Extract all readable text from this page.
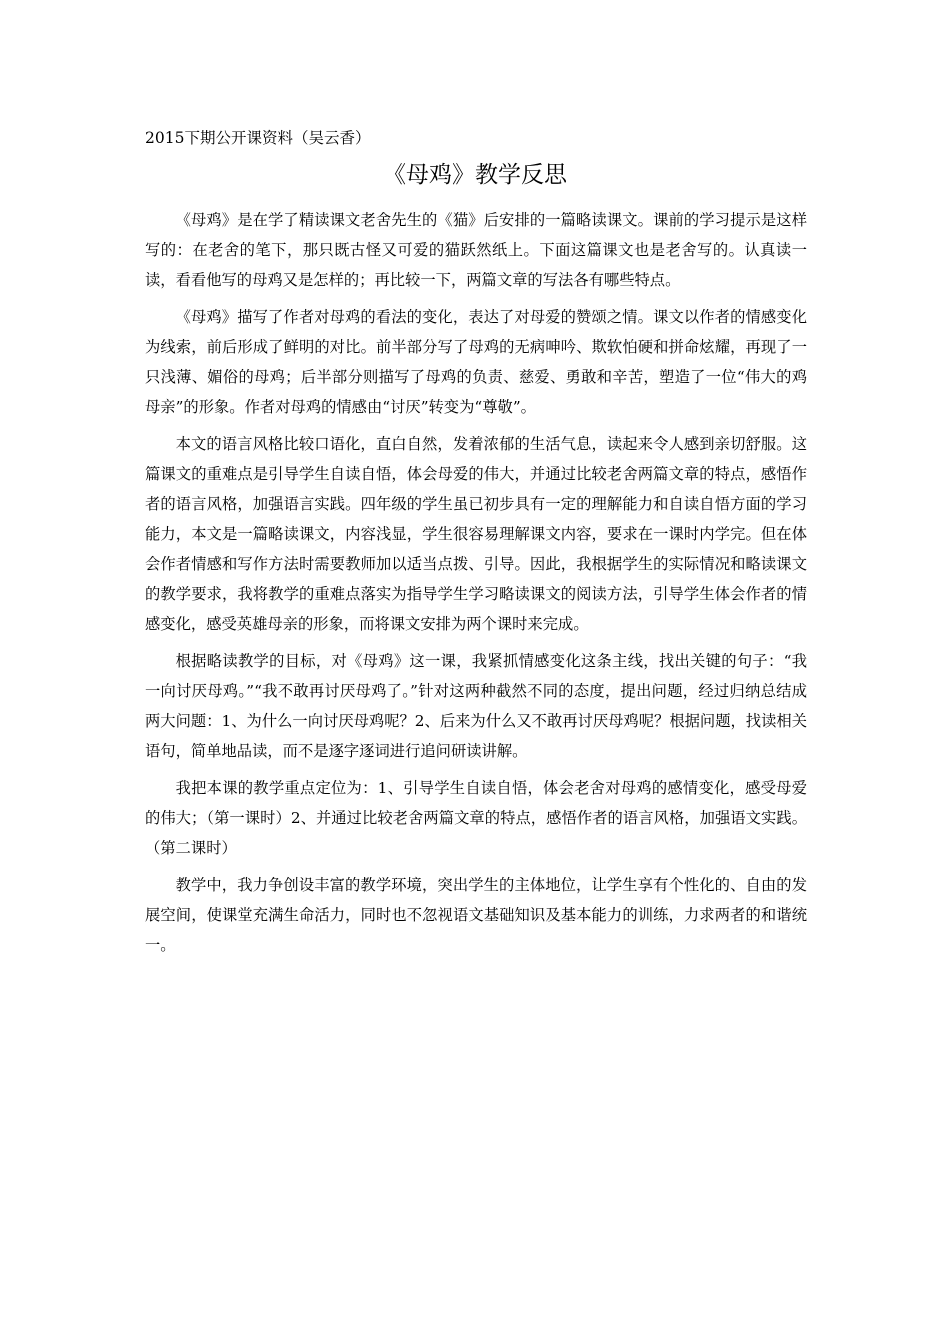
2015下期公开课资料（吴云香）
《母鸡》教学反思

《母鸡》是在学了精读课文老舍先生的《猫》后安排的一篇略读课文。课前的学习提示是这样写的：在老舍的笔下，那只既古怪又可爱的猫跃然纸上。下面这篇课文也是老舍写的。认真读一读，看看他写的母鸡又是怎样的；再比较一下，两篇文章的写法各有哪些特点。

《母鸡》描写了作者对母鸡的看法的变化，表达了对母爱的赞颂之情。课文以作者的情感变化为线索，前后形成了鲜明的对比。前半部分写了母鸡的无病呻吟、欺软怕硬和拼命炫耀，再现了一只浅薄、媚俗的母鸡；后半部分则描写了母鸡的负责、慈爱、勇敢和辛苦，塑造了一位“伟大的鸡母亲”的形象。作者对母鸡的情感由“讨厌”转变为“尊敬”。

本文的语言风格比较口语化，直白自然，发着浓郁的生活气息，读起来令人感到亲切舒服。这篇课文的重难点是引导学生自读自悟，体会母爱的伟大，并通过比较老舍两篇文章的特点，感悟作者的语言风格，加强语言实践。四年级的学生虽已初步具有一定的理解能力和自读自悟方面的学习能力，本文是一篇略读课文，内容浅显，学生很容易理解课文内容，要求在一课时内学完。但在体会作者情感和写作方法时需要教师加以适当点拨、引导。因此，我根据学生的实际情况和略读课文的教学要求，我将教学的重难点落实为指导学生学习略读课文的阅读方法，引导学生体会作者的情感变化，感受英雄母亲的形象，而将课文安排为两个课时来完成。

根据略读教学的目标，对《母鸡》这一课，我紧抓情感变化这条主线，找出关键的句子：“我一向讨厌母鸡。”“我不敢再讨厌母鸡了。”针对这两种截然不同的态度，提出问题，经过归纳总结成两大问题：1、为什么一向讨厌母鸡呢？2、后来为什么又不敢再讨厌母鸡呢？根据问题，找读相关语句，简单地品读，而不是逐字逐词进行追问研读讲解。

我把本课的教学重点定位为：1、引导学生自读自悟，体会老舍对母鸡的感情变化，感受母爱的伟大；（第一课时）2、并通过比较老舍两篇文章的特点，感悟作者的语言风格，加强语文实践。（第二课时）

教学中，我力争创设丰富的教学环境，突出学生的主体地位，让学生享有个性化的、自由的发展空间，使课堂充满生命活力，同时也不忽视语文基础知识及基本能力的训练，力求两者的和谐统一。
